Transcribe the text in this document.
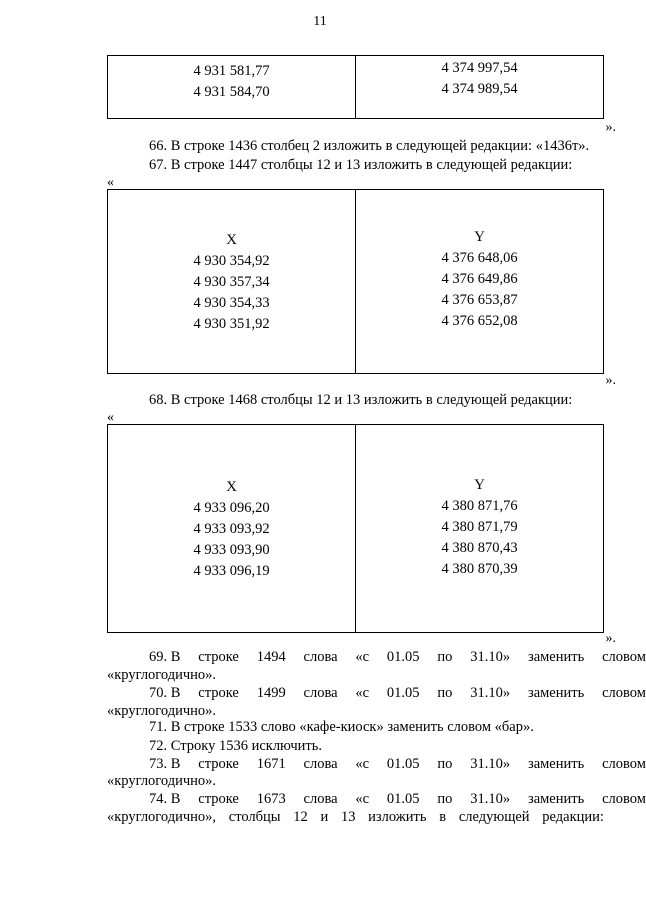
11
4 931 581,77
4 931 584,70

4 374 997,54
4 374 989,54
».
66. В строке 1436 столбец 2 изложить в следующей редакции: «1436т».
67. В строке 1447 столбцы 12 и 13 изложить в следующей редакции:
«
X
4 930 354,92
4 930 357,34
4 930 354,33
4 930 351,92

Y
4 376 648,06
4 376 649,86
4 376 653,87
4 376 652,08
».
68. В строке 1468 столбцы 12 и 13 изложить в следующей редакции:
«
X
4 933 096,20
4 933 093,92
4 933 093,90
4 933 096,19

Y
4 380 871,76
4 380 871,79
4 380 870,43
4 380 870,39
».
69. В строке 1494 слова «с 01.05 по 31.10» заменить словом
«круглогодично».
70. В строке 1499 слова «с 01.05 по 31.10» заменить словом
«круглогодично».
71. В строке 1533 слово «кафе-киоск» заменить словом «бар».
72. Строку 1536 исключить.
73. В строке 1671 слова «с 01.05 по 31.10» заменить словом
«круглогодично».
74. В строке 1673 слова «с 01.05 по 31.10» заменить словом
«круглогодично», столбцы 12 и 13 изложить в следующей редакции:
